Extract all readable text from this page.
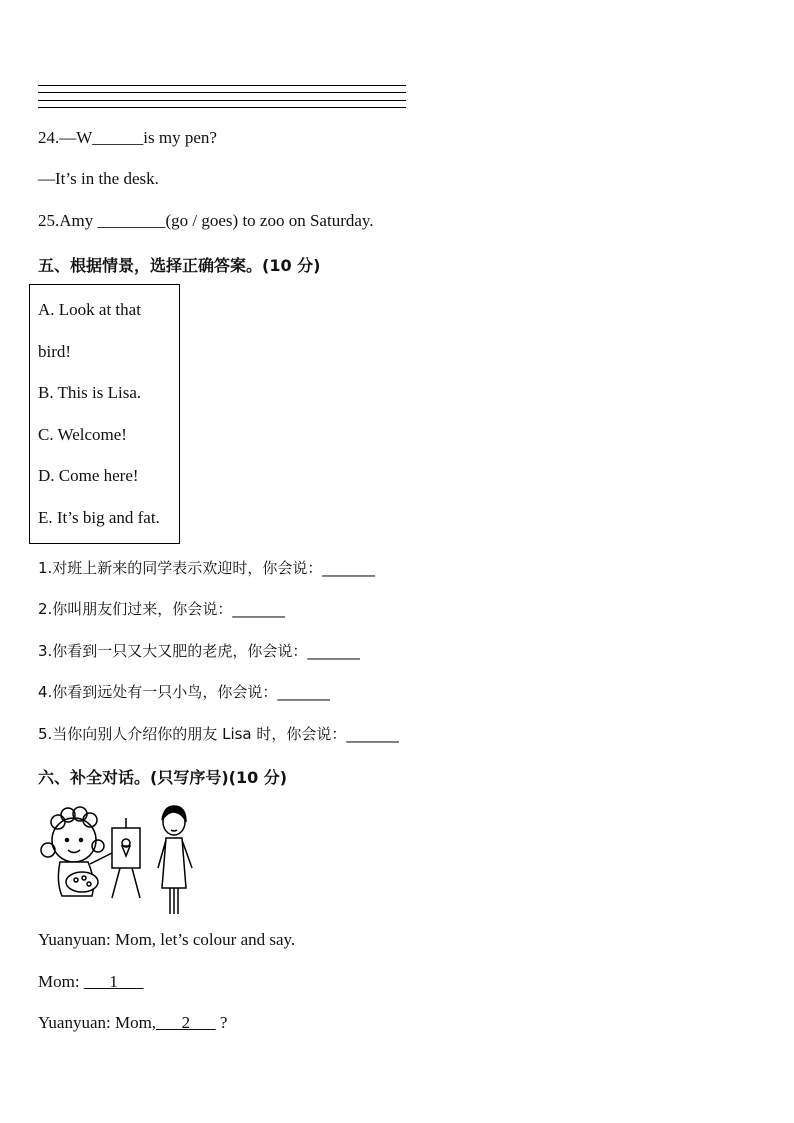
24.—W______is my pen?
—It’s in the desk.
25.Amy ________(go / goes) to zoo on Saturday.
五、根据情景，选择正确答案。(10 分)
A. Look at that
bird!
B. This is Lisa.
C. Welcome!
D. Come here!
E. It’s big and fat.
1.对班上新来的同学表示欢迎时，你会说：_______
2.你叫朋友们过来，你会说：_______
3.你看到一只又大又肥的老虎，你会说：_______
4.你看到远处有一只小鸟，你会说：_______
5.当你向别人介绍你的朋友 Lisa 时，你会说：_______
六、补全对话。(只写序号)(10 分)
Yuanyuan: Mom, let’s colour and say.
Mom: ___1___
Yuanyuan: Mom,___2___ ?
